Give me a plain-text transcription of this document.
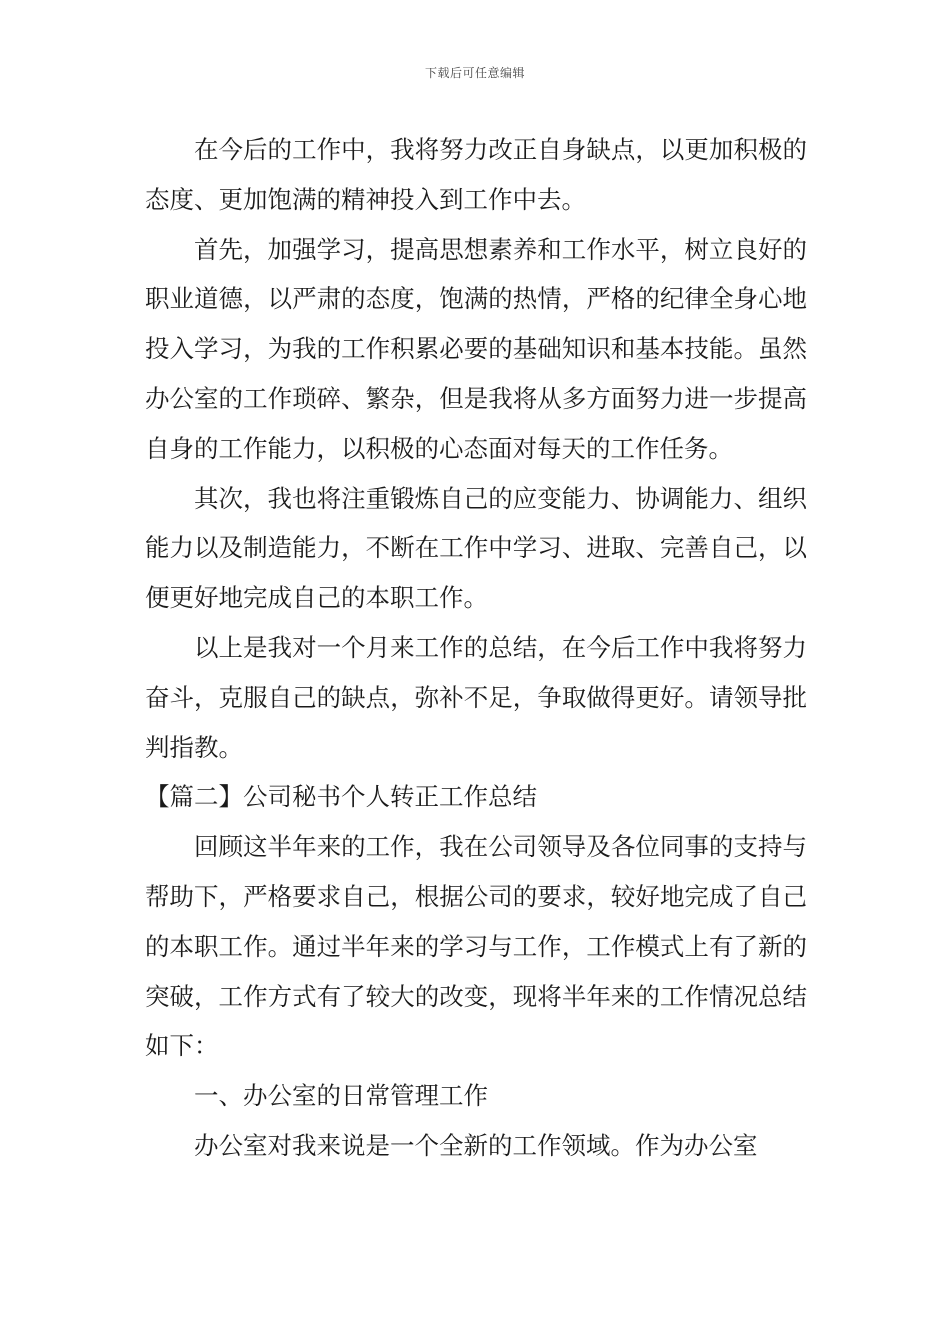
下载后可任意编辑

在今后的工作中，我将努力改正自身缺点，以更加积极的态度、更加饱满的精神投入到工作中去。

首先，加强学习，提高思想素养和工作水平，树立良好的职业道德，以严肃的态度，饱满的热情，严格的纪律全身心地投入学习，为我的工作积累必要的基础知识和基本技能。虽然办公室的工作琐碎、繁杂，但是我将从多方面努力进一步提高自身的工作能力，以积极的心态面对每天的工作任务。

其次，我也将注重锻炼自己的应变能力、协调能力、组织能力以及制造能力，不断在工作中学习、进取、完善自己，以便更好地完成自己的本职工作。

以上是我对一个月来工作的总结，在今后工作中我将努力奋斗，克服自己的缺点，弥补不足，争取做得更好。请领导批判指教。

【篇二】公司秘书个人转正工作总结

回顾这半年来的工作，我在公司领导及各位同事的支持与帮助下，严格要求自己，根据公司的要求，较好地完成了自己的本职工作。通过半年来的学习与工作，工作模式上有了新的突破，工作方式有了较大的改变，现将半年来的工作情况总结如下：

一、办公室的日常管理工作

办公室对我来说是一个全新的工作领域。作为办公室
